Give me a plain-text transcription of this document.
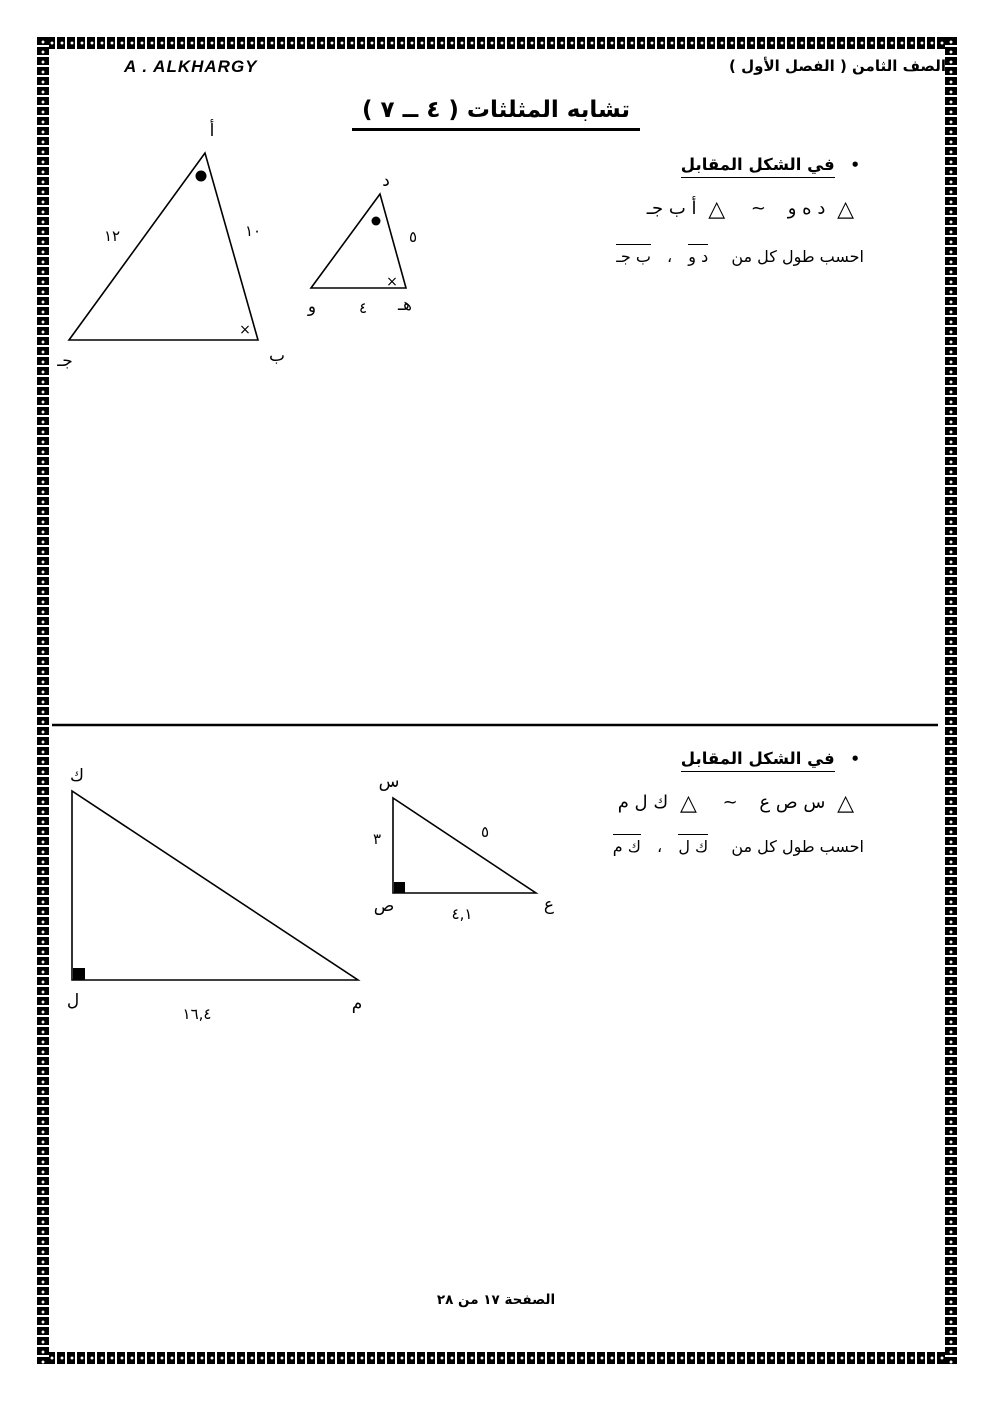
A . ALKHARGY	الصف الثامن ( الفصل الأول )
تشابه المثلثات ( ٤ ــ ٧ )
• في الشكل المقابل
△ د ه و ~ △ أ ب جـ
احسب طول كل من د و ، ب جـ
أ
١٢	١٠
ب
جـ
×
د
٥
٤
و	هـ
×
• في الشكل المقابل
△ س ص ع ~ △ ك ل م
احسب طول كل من ك ل ، ك م
س
٣	٥
ص	٤,١	ع
ك
ل	م
١٦,٤
الصفحة ١٧ من ٢٨
